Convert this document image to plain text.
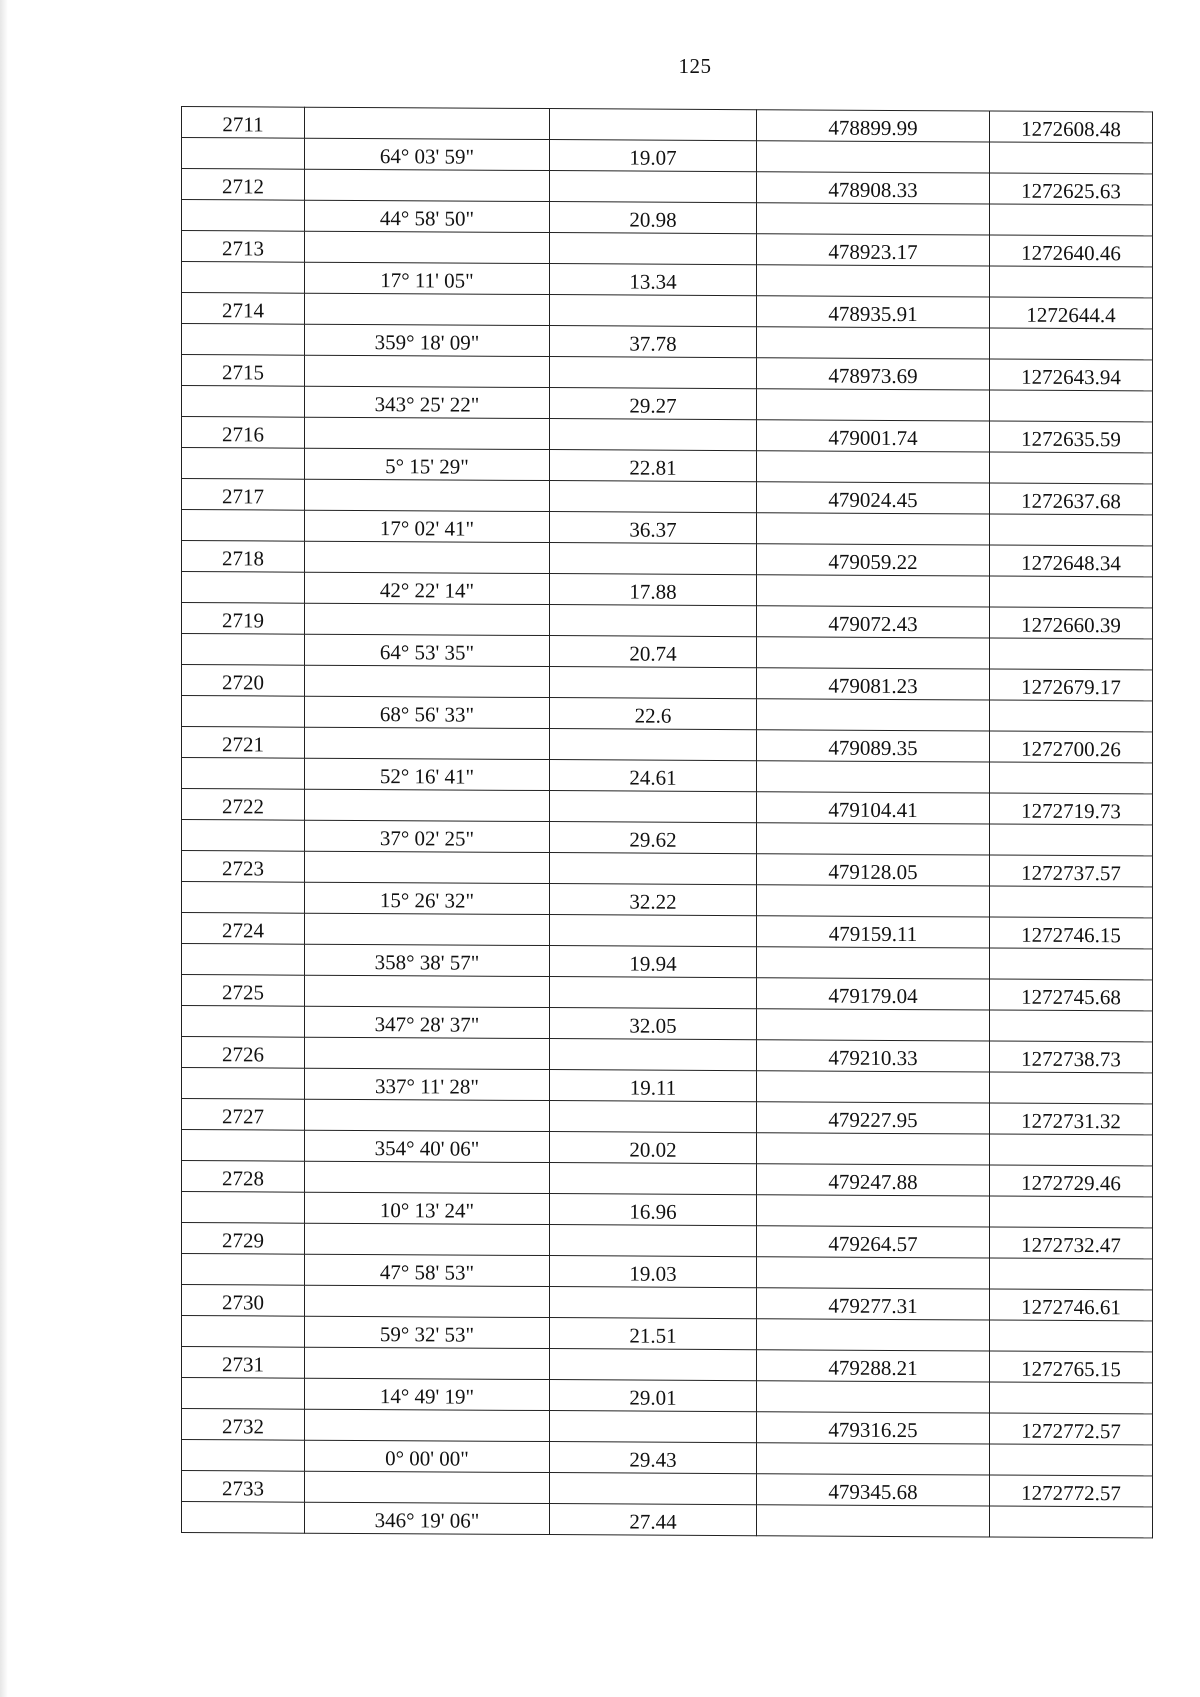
125
2711			478899.99	1272608.48
	64° 03' 59"	19.07		
2712			478908.33	1272625.63
	44° 58' 50"	20.98		
2713			478923.17	1272640.46
	17° 11' 05"	13.34		
2714			478935.91	1272644.4
	359° 18' 09"	37.78		
2715			478973.69	1272643.94
	343° 25' 22"	29.27		
2716			479001.74	1272635.59
	5° 15' 29"	22.81		
2717			479024.45	1272637.68
	17° 02' 41"	36.37		
2718			479059.22	1272648.34
	42° 22' 14"	17.88		
2719			479072.43	1272660.39
	64° 53' 35"	20.74		
2720			479081.23	1272679.17
	68° 56' 33"	22.6		
2721			479089.35	1272700.26
	52° 16' 41"	24.61		
2722			479104.41	1272719.73
	37° 02' 25"	29.62		
2723			479128.05	1272737.57
	15° 26' 32"	32.22		
2724			479159.11	1272746.15
	358° 38' 57"	19.94		
2725			479179.04	1272745.68
	347° 28' 37"	32.05		
2726			479210.33	1272738.73
	337° 11' 28"	19.11		
2727			479227.95	1272731.32
	354° 40' 06"	20.02		
2728			479247.88	1272729.46
	10° 13' 24"	16.96		
2729			479264.57	1272732.47
	47° 58' 53"	19.03		
2730			479277.31	1272746.61
	59° 32' 53"	21.51		
2731			479288.21	1272765.15
	14° 49' 19"	29.01		
2732			479316.25	1272772.57
	0° 00' 00"	29.43		
2733			479345.68	1272772.57
	346° 19' 06"	27.44		
